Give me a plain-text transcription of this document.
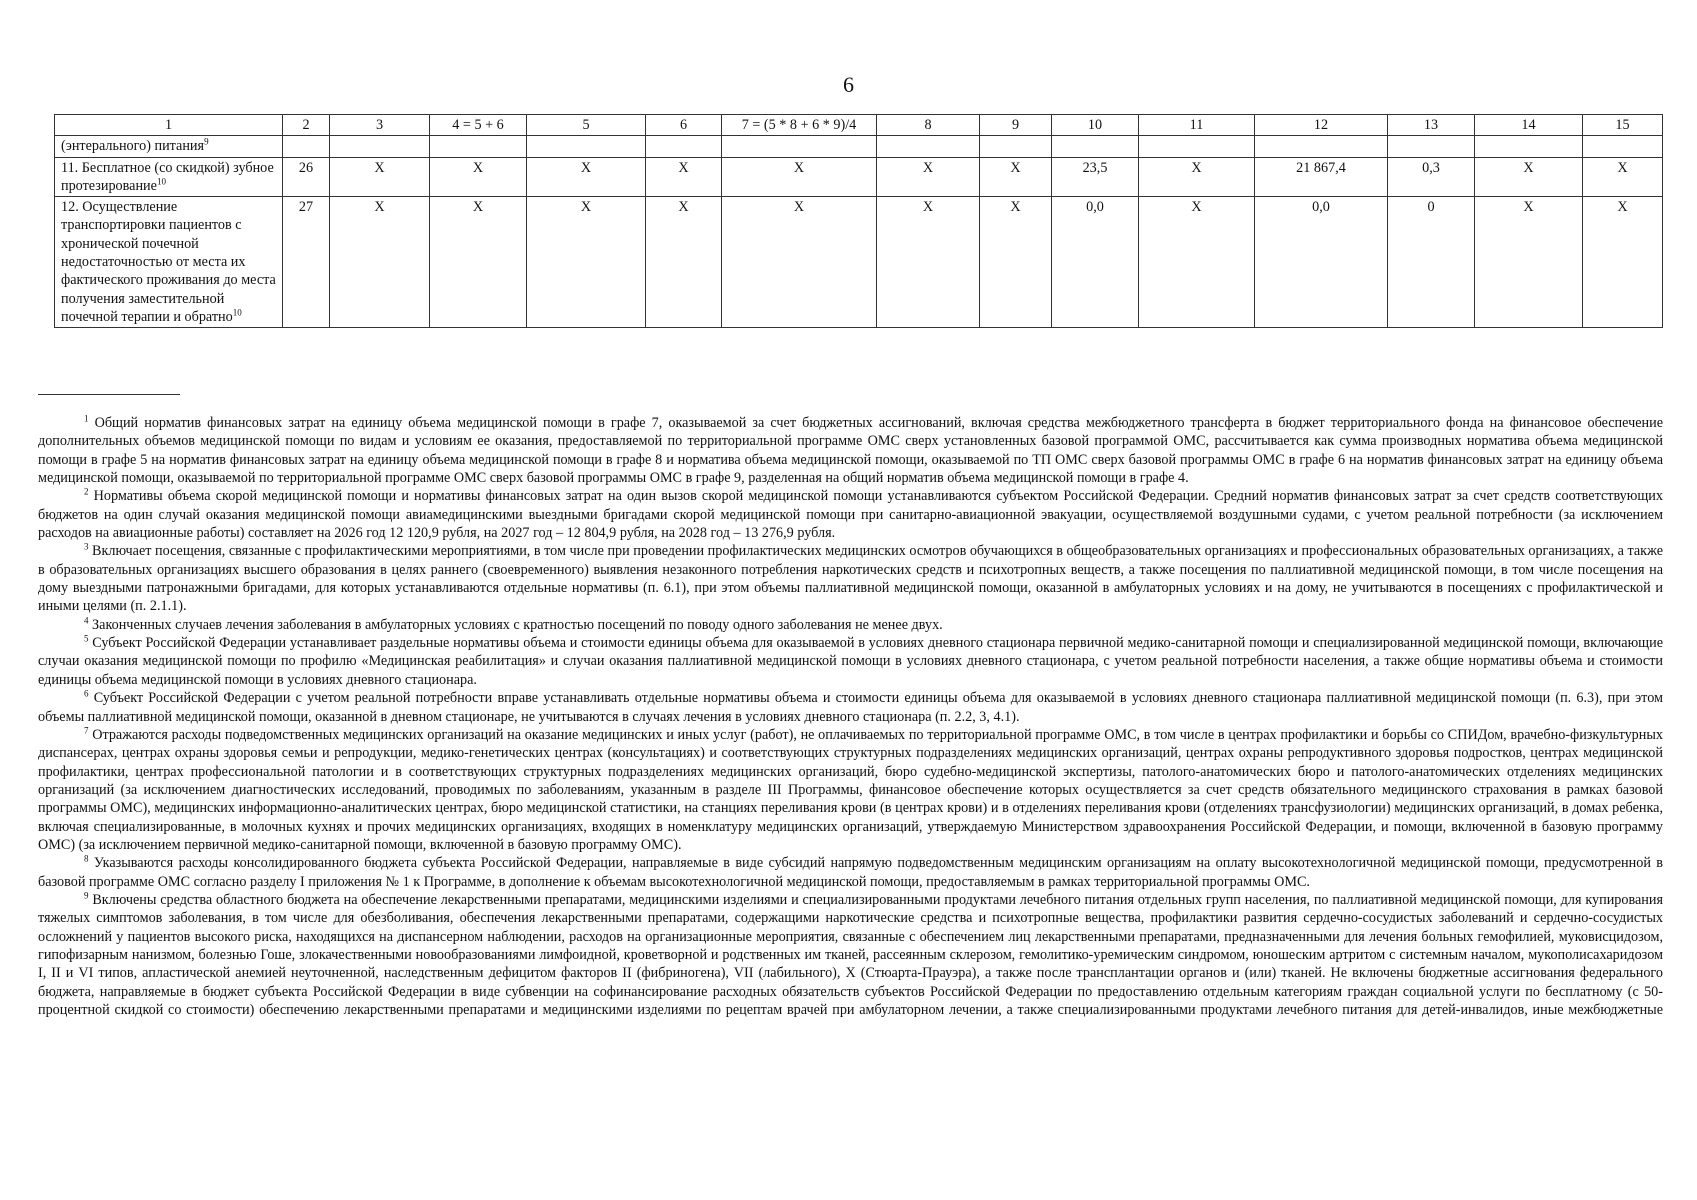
6
1	2	3	4 = 5 + 6	5	6	7 = (5 * 8 + 6 * 9)/4	8	9	10	11	12	13	14	15
(энтерального) питания$^9$														
11. Бесплатное (со скидкой) зубное протезирование$^{10}$	26	Х	Х	Х	Х	Х	Х	Х	23,5	Х	21 867,4	0,3	Х	Х
12. Осуществление транспортировки пациентов с хронической почечной недостаточностью от места их фактического проживания до места получения заместительной почечной терапии и обратно$^{10}$	27	Х	Х	Х	Х	Х	Х	Х	0,0	Х	0,0	0	Х	Х

$^1$ Общий норматив финансовых затрат на единицу объема медицинской помощи в графе 7, оказываемой за счет бюджетных ассигнований, включая средства межбюджетного трансферта в бюджет территориального фонда на финансовое обеспечение дополнительных объемов медицинской помощи по видам и условиям ее оказания, предоставляемой по территориальной программе ОМС сверх установленных базовой программой ОМС, рассчитывается как сумма производных норматива объема медицинской помощи в графе 5 на норматив финансовых затрат на единицу объема медицинской помощи в графе 8 и норматива объема медицинской помощи, оказываемой по ТП ОМС сверх базовой программы ОМС в графе 6 на норматив финансовых затрат на единицу объема медицинской помощи, оказываемой по территориальной программе ОМС сверх базовой программы ОМС в графе 9, разделенная на общий норматив объема медицинской помощи в графе 4.

$^2$ Нормативы объема скорой медицинской помощи и нормативы финансовых затрат на один вызов скорой медицинской помощи устанавливаются субъектом Российской Федерации. Средний норматив финансовых затрат за счет средств соответствующих бюджетов на один случай оказания медицинской помощи авиамедицинскими выездными бригадами скорой медицинской помощи при санитарно-авиационной эвакуации, осуществляемой воздушными судами, с учетом реальной потребности (за исключением расходов на авиационные работы) составляет на 2026 год 12 120,9 рубля, на 2027 год – 12 804,9 рубля, на 2028 год – 13 276,9 рубля.

$^3$ Включает посещения, связанные с профилактическими мероприятиями, в том числе при проведении профилактических медицинских осмотров обучающихся в общеобразовательных организациях и профессиональных образовательных организациях, а также в образовательных организациях высшего образования в целях раннего (своевременного) выявления незаконного потребления наркотических средств и психотропных веществ, а также посещения по паллиативной медицинской помощи, в том числе посещения на дому выездными патронажными бригадами, для которых устанавливаются отдельные нормативы (п. 6.1), при этом объемы паллиативной медицинской помощи, оказанной в амбулаторных условиях и на дому, не учитываются в посещениях с профилактической и иными целями (п. 2.1.1).

$^4$ Законченных случаев лечения заболевания в амбулаторных условиях с кратностью посещений по поводу одного заболевания не менее двух.

$^5$ Субъект Российской Федерации устанавливает раздельные нормативы объема и стоимости единицы объема для оказываемой в условиях дневного стационара первичной медико-санитарной помощи и специализированной медицинской помощи, включающие случаи оказания медицинской помощи по профилю «Медицинская реабилитация» и случаи оказания паллиативной медицинской помощи в условиях дневного стационара, с учетом реальной потребности населения, а также общие нормативы объема и стоимости единицы объема медицинской помощи в условиях дневного стационара.

$^6$ Субъект Российской Федерации с учетом реальной потребности вправе устанавливать отдельные нормативы объема и стоимости единицы объема для оказываемой в условиях дневного стационара паллиативной медицинской помощи (п. 6.3), при этом объемы паллиативной медицинской помощи, оказанной в дневном стационаре, не учитываются в случаях лечения в условиях дневного стационара (п. 2.2, 3, 4.1).

$^7$ Отражаются расходы подведомственных медицинских организаций на оказание медицинских и иных услуг (работ), не оплачиваемых по территориальной программе ОМС, в том числе в центрах профилактики и борьбы со СПИДом, врачебно-физкультурных диспансерах, центрах охраны здоровья семьи и репродукции, медико-генетических центрах (консультациях) и соответствующих структурных подразделениях медицинских организаций, центрах охраны репродуктивного здоровья подростков, центрах медицинской профилактики, центрах профессиональной патологии и в соответствующих структурных подразделениях медицинских организаций, бюро судебно-медицинской экспертизы, патолого-анатомических бюро и патолого-анатомических отделениях медицинских организаций (за исключением диагностических исследований, проводимых по заболеваниям, указанным в разделе III Программы, финансовое обеспечение которых осуществляется за счет средств обязательного медицинского страхования в рамках базовой программы ОМС), медицинских информационно-аналитических центрах, бюро медицинской статистики, на станциях переливания крови (в центрах крови) и в отделениях переливания крови (отделениях трансфузиологии) медицинских организаций, в домах ребенка, включая специализированные, в молочных кухнях и прочих медицинских организациях, входящих в номенклатуру медицинских организаций, утверждаемую Министерством здравоохранения Российской Федерации, и помощи, включенной в базовую программу ОМС) (за исключением первичной медико-санитарной помощи, включенной в базовую программу ОМС).

$^8$ Указываются расходы консолидированного бюджета субъекта Российской Федерации, направляемые в виде субсидий напрямую подведомственным медицинским организациям на оплату высокотехнологичной медицинской помощи, предусмотренной в базовой программе ОМС согласно разделу I приложения № 1 к Программе, в дополнение к объемам высокотехнологичной медицинской помощи, предоставляемым в рамках территориальной программы ОМС.

$^9$ Включены средства областного бюджета на обеспечение лекарственными препаратами, медицинскими изделиями и специализированными продуктами лечебного питания отдельных групп населения, по паллиативной медицинской помощи, для купирования тяжелых симптомов заболевания, в том числе для обезболивания, обеспечения лекарственными препаратами, содержащими наркотические средства и психотропные вещества, профилактики развития сердечно-сосудистых заболеваний и сердечно-сосудистых осложнений у пациентов высокого риска, находящихся на диспансерном наблюдении, расходов на организационные мероприятия, связанные с обеспечением лиц лекарственными препаратами, предназначенными для лечения больных гемофилией, муковисцидозом, гипофизарным нанизмом, болезнью Гоше, злокачественными новообразованиями лимфоидной, кроветворной и родственных им тканей, рассеянным склерозом, гемолитико-уремическим синдромом, юношеским артритом с системным началом, мукополисахаридозом I, II и VI типов, апластической анемией неуточненной, наследственным дефицитом факторов II (фибриногена), VII (лабильного), X (Стюарта-Прауэра), а также после трансплантации органов и (или) тканей. Не включены бюджетные ассигнования федерального бюджета, направляемые в бюджет субъекта Российской Федерации в виде субвенции на софинансирование расходных обязательств субъектов Российской Федерации по предоставлению отдельным категориям граждан социальной услуги по бесплатному (с 50-процентной скидкой со стоимости) обеспечению лекарственными препаратами и медицинскими изделиями по рецептам врачей при амбулаторном лечении, а также специализированными продуктами лечебного питания для детей-инвалидов, иные межбюджетные
